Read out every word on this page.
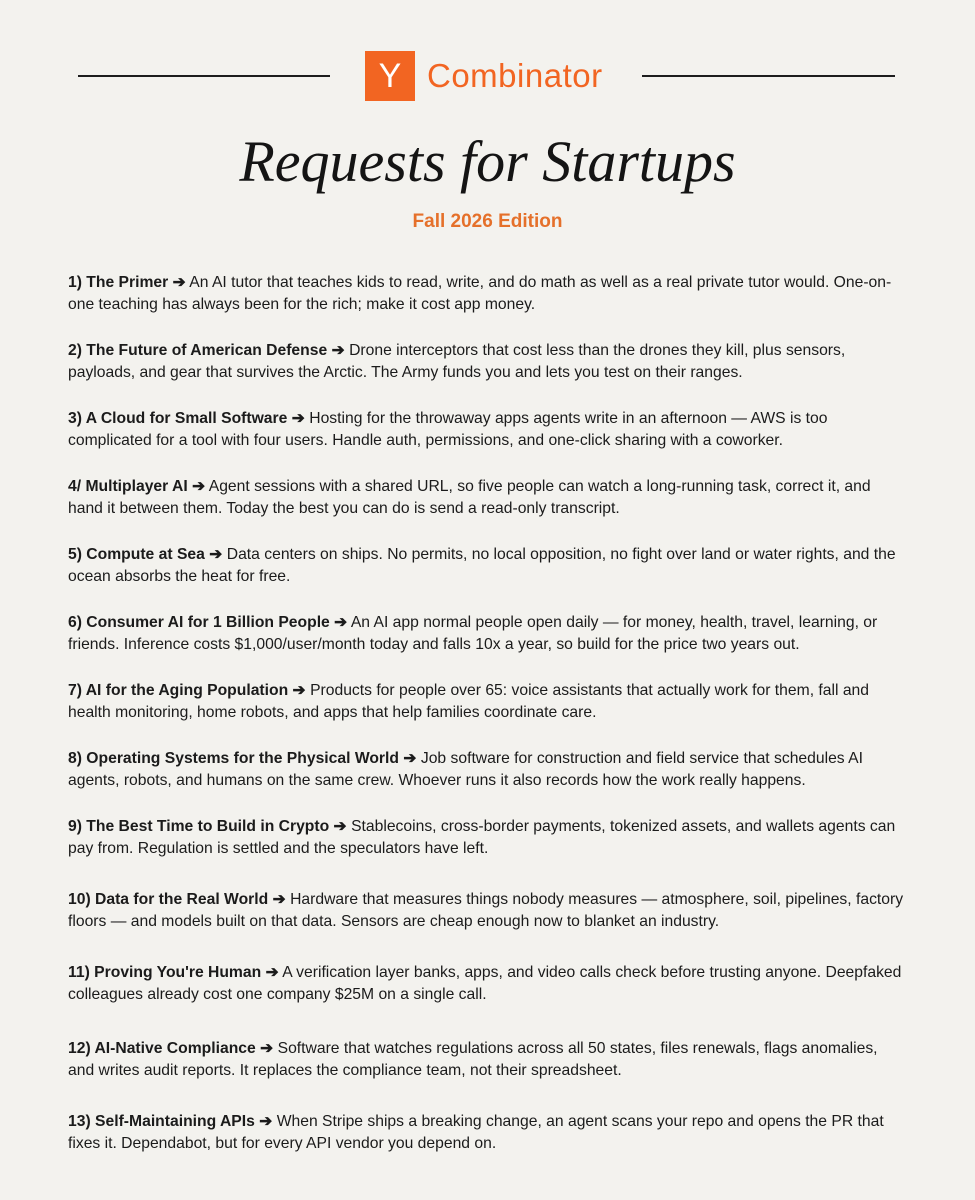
Y Combinator
Requests for Startups
Fall 2026 Edition
1) The Primer ➔ An AI tutor that teaches kids to read, write, and do math as well as a real private tutor would. One-on-one teaching has always been for the rich; make it cost app money.
2) The Future of American Defense ➔ Drone interceptors that cost less than the drones they kill, plus sensors, payloads, and gear that survives the Arctic. The Army funds you and lets you test on their ranges.
3) A Cloud for Small Software ➔ Hosting for the throwaway apps agents write in an afternoon — AWS is too complicated for a tool with four users. Handle auth, permissions, and one-click sharing with a coworker.
4/ Multiplayer AI ➔ Agent sessions with a shared URL, so five people can watch a long-running task, correct it, and hand it between them. Today the best you can do is send a read-only transcript.
5) Compute at Sea ➔ Data centers on ships. No permits, no local opposition, no fight over land or water rights, and the ocean absorbs the heat for free.
6) Consumer AI for 1 Billion People ➔ An AI app normal people open daily — for money, health, travel, learning, or friends. Inference costs $1,000/user/month today and falls 10x a year, so build for the price two years out.
7) AI for the Aging Population ➔ Products for people over 65: voice assistants that actually work for them, fall and health monitoring, home robots, and apps that help families coordinate care.
8) Operating Systems for the Physical World ➔ Job software for construction and field service that schedules AI agents, robots, and humans on the same crew. Whoever runs it also records how the work really happens.
9) The Best Time to Build in Crypto ➔ Stablecoins, cross-border payments, tokenized assets, and wallets agents can pay from. Regulation is settled and the speculators have left.
10) Data for the Real World ➔ Hardware that measures things nobody measures — atmosphere, soil, pipelines, factory floors — and models built on that data. Sensors are cheap enough now to blanket an industry.
11) Proving You're Human ➔ A verification layer banks, apps, and video calls check before trusting anyone. Deepfaked colleagues already cost one company $25M on a single call.
12) AI-Native Compliance ➔ Software that watches regulations across all 50 states, files renewals, flags anomalies, and writes audit reports. It replaces the compliance team, not their spreadsheet.
13) Self-Maintaining APIs ➔ When Stripe ships a breaking change, an agent scans your repo and opens the PR that fixes it. Dependabot, but for every API vendor you depend on.
